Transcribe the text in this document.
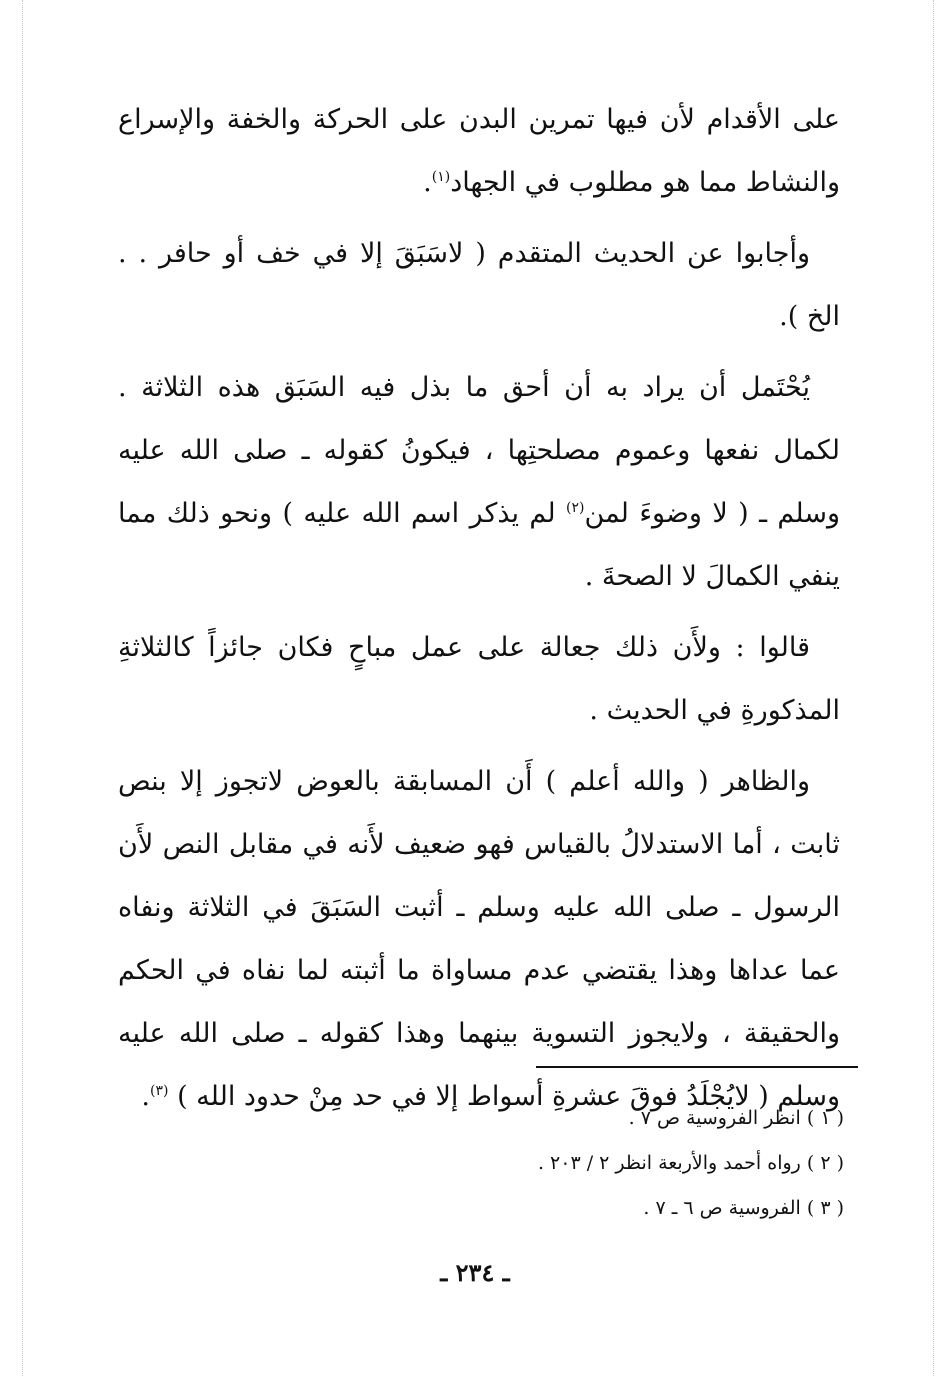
على الأقدام لأن فيها تمرين البدن على الحركة والخفة والإسراع والنشاط مما هو مطلوب في الجهاد$^{(١)}$.

وأجابوا عن الحديث المتقدم ( لاسَبَقَ إلا في خف أو حافر . . الخ ).

يُحْتَمل أن يراد به أن أحق ما بذل فيه السَبَق هذه الثلاثة . لكمال نفعها وعموم مصلحتِها ، فيكونُ كقوله ـ صلى الله عليه وسلم ـ ( لا وضوءَ لمن$^{(٢)}$ لم يذكر اسم الله عليه ) ونحو ذلك مما ينفي الكمالَ لا الصحةَ .

قالوا : ولأَن ذلك جعالة على عمل مباحٍ فكان جائزاً كالثلاثةِ المذكورةِ في الحديث .

والظاهر ( والله أعلم ) أَن المسابقة بالعوض لاتجوز إلا بنص ثابت ، أما الاستدلالُ بالقياس فهو ضعيف لأَنه في مقابل النص لأَن الرسول ـ صلى الله عليه وسلم ـ أثبت السَبَقَ في الثلاثة ونفاه عما عداها وهذا يقتضي عدم مساواة ما أثبته لما نفاه في الحكم والحقيقة ، ولايجوز التسوية بينهما وهذا كقوله ـ صلى الله عليه وسلم ( لايُجْلَدُ فوقَ عشرةِ أسواط إلا في حد مِنْ حدود الله ) $^{(٣)}$.

( ١ ) انظر الفروسية ص ٧ .

( ٢ ) رواه أحمد والأربعة انظر ٢ / ٢٠٣ .

( ٣ ) الفروسية ص ٦ ـ ٧ .

ـ ٢٣٤ ـ
